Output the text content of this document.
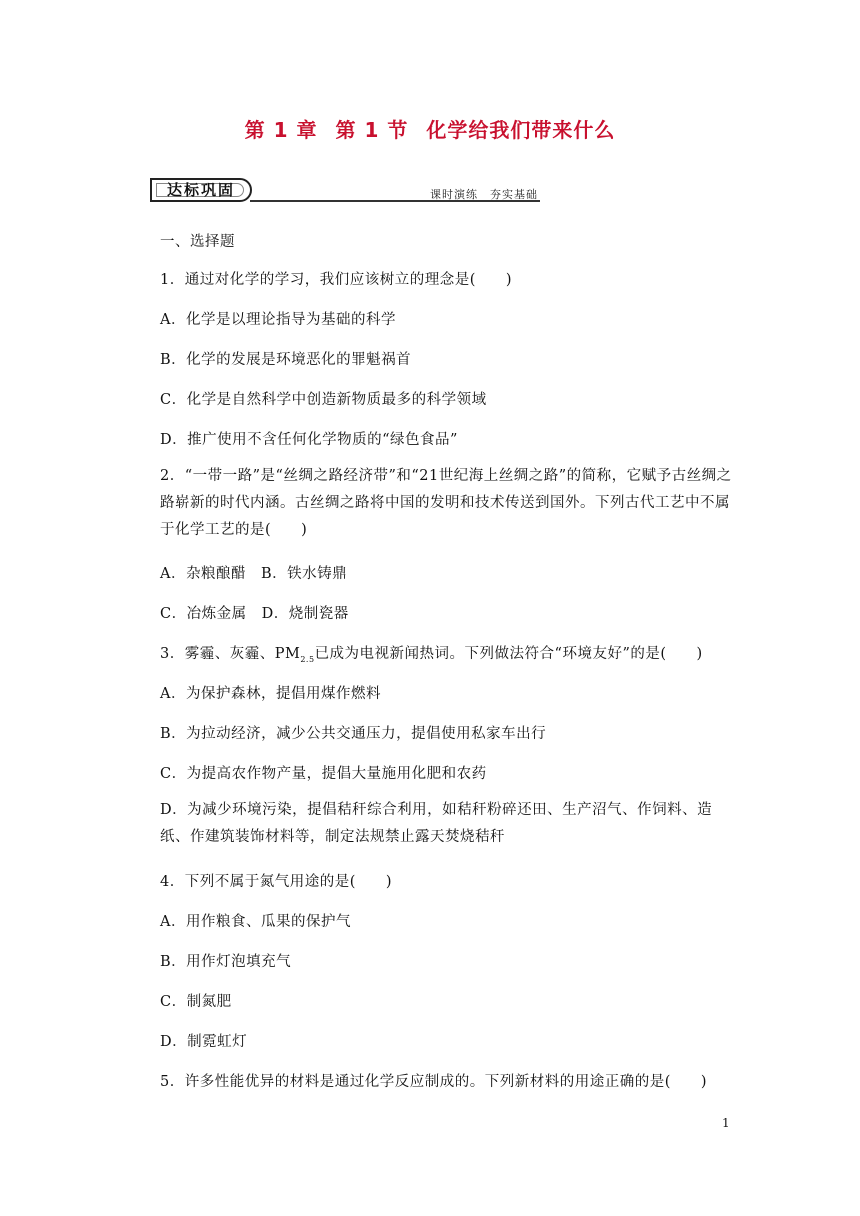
第 1 章 第 1 节 化学给我们带来什么
达标巩固	课时演练　夯实基础
一、选择题
1．通过对化学的学习，我们应该树立的理念是(　　)
A．化学是以理论指导为基础的科学
B．化学的发展是环境恶化的罪魁祸首
C．化学是自然科学中创造新物质最多的科学领域
D．推广使用不含任何化学物质的“绿色食品”
2．“一带一路”是“丝绸之路经济带”和“21世纪海上丝绸之路”的简称，它赋予古丝绸之路崭新的时代内涵。古丝绸之路将中国的发明和技术传送到国外。下列古代工艺中不属于化学工艺的是(　　)
A．杂粮酿醋　B．铁水铸鼎
C．冶炼金属　D．烧制瓷器
3．雾霾、灰霾、$PM_{2.5}$已成为电视新闻热词。下列做法符合“环境友好”的是(　　)
A．为保护森林，提倡用煤作燃料
B．为拉动经济，减少公共交通压力，提倡使用私家车出行
C．为提高农作物产量，提倡大量施用化肥和农药
D．为减少环境污染，提倡秸秆综合利用，如秸秆粉碎还田、生产沼气、作饲料、造纸、作建筑装饰材料等，制定法规禁止露天焚烧秸秆
4．下列不属于氮气用途的是(　　)
A．用作粮食、瓜果的保护气
B．用作灯泡填充气
C．制氮肥
D．制霓虹灯
5．许多性能优异的材料是通过化学反应制成的。下列新材料的用途正确的是(　　)
1
